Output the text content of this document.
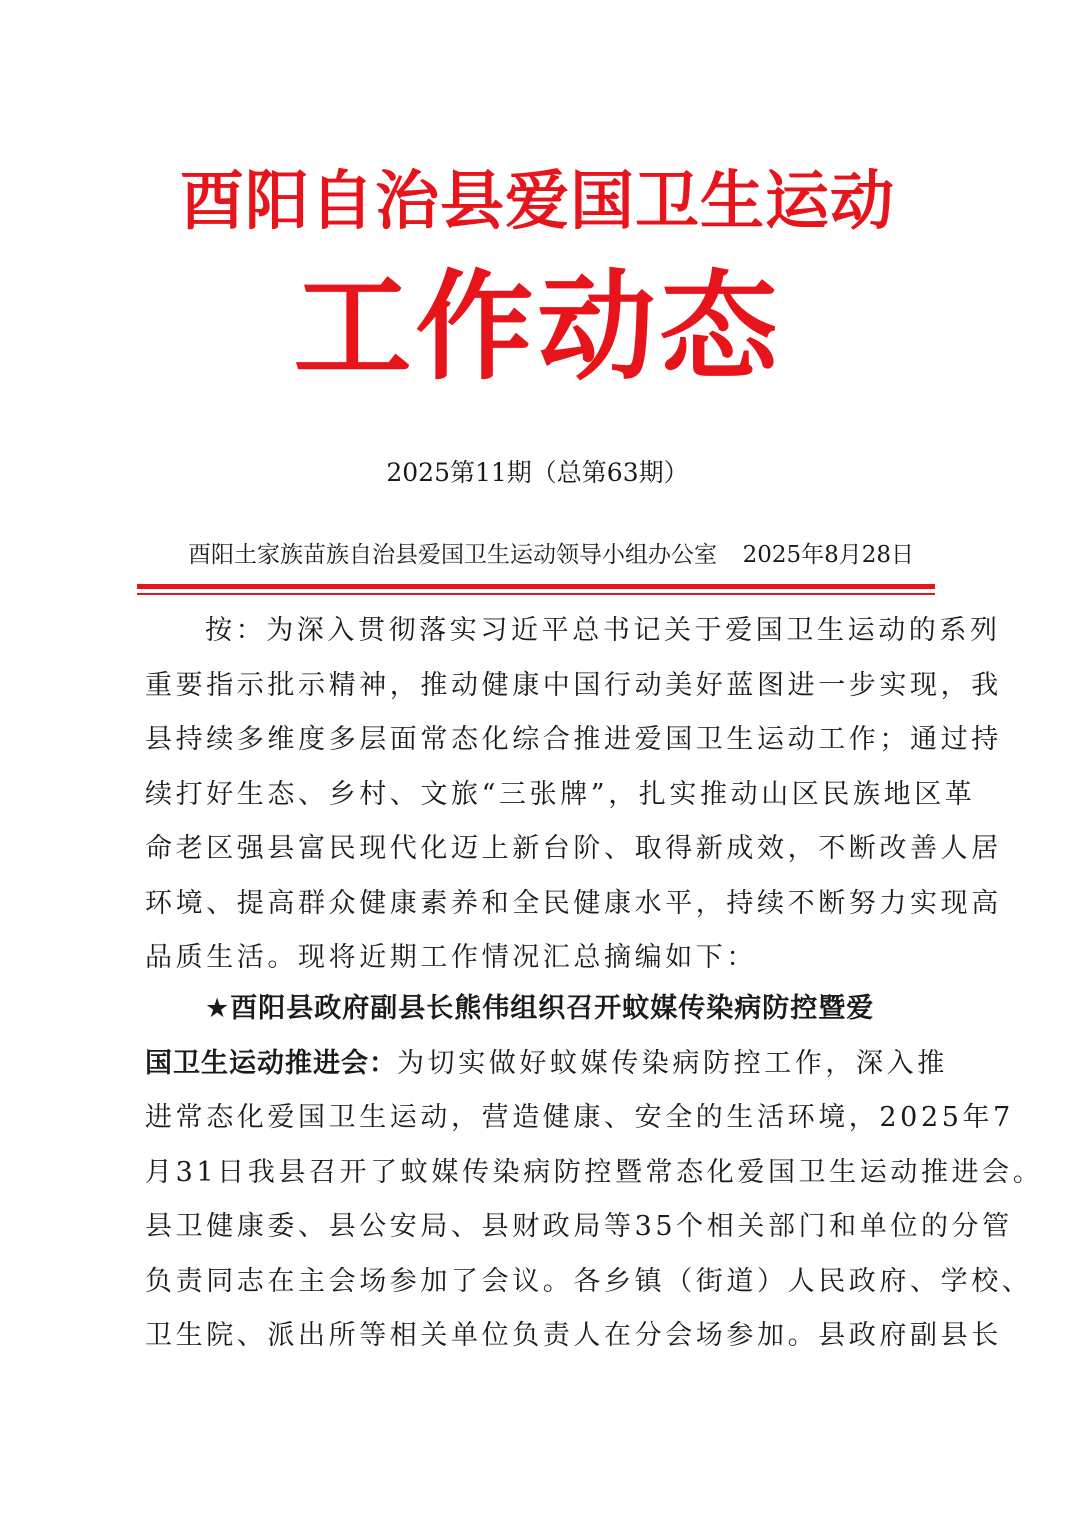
酉阳自治县爱国卫生运动
工作动态
2025第11期（总第63期）
酉阳土家族苗族自治县爱国卫生运动领导小组办公室 2025年8月28日
按：为深入贯彻落实习近平总书记关于爱国卫生运动的系列
重要指示批示精神，推动健康中国行动美好蓝图进一步实现，我
县持续多维度多层面常态化综合推进爱国卫生运动工作；通过持
续打好生态、乡村、文旅“三张牌”，扎实推动山区民族地区革
命老区强县富民现代化迈上新台阶、取得新成效，不断改善人居
环境、提高群众健康素养和全民健康水平，持续不断努力实现高
品质生活。现将近期工作情况汇总摘编如下：
★酉阳县政府副县长熊伟组织召开蚊媒传染病防控暨爱
国卫生运动推进会：为切实做好蚊媒传染病防控工作，深入推
进常态化爱国卫生运动，营造健康、安全的生活环境，2025年7
月31日我县召开了蚊媒传染病防控暨常态化爱国卫生运动推进会。
县卫健康委、县公安局、县财政局等35个相关部门和单位的分管
负责同志在主会场参加了会议。各乡镇（街道）人民政府、学校、
卫生院、派出所等相关单位负责人在分会场参加。县政府副县长
